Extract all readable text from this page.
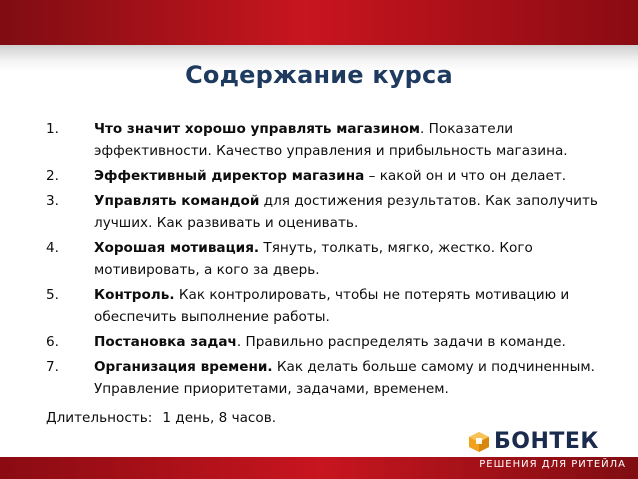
Содержание курса
1.	Что значит хорошо управлять магазином. Показатели эффективности. Качество управления и прибыльность магазина.
2.	Эффективный директор магазина – какой он и что он делает.
3.	Управлять командой для достижения результатов. Как заполучить лучших. Как развивать и оценивать.
4.	Хорошая мотивация. Тянуть, толкать, мягко, жестко. Кого мотивировать, а кого за дверь.
5.	Контроль. Как контролировать, чтобы не потерять мотивацию и обеспечить выполнение работы.
6.	Постановка задач. Правильно распределять задачи в команде.
7.	Организация времени. Как делать больше самому и подчиненным. Управление приоритетами, задачами, временем.
Длительность: 1 день, 8 часов.
БОНТЕК
РЕШЕНИЯ ДЛЯ РИТЕЙЛА
